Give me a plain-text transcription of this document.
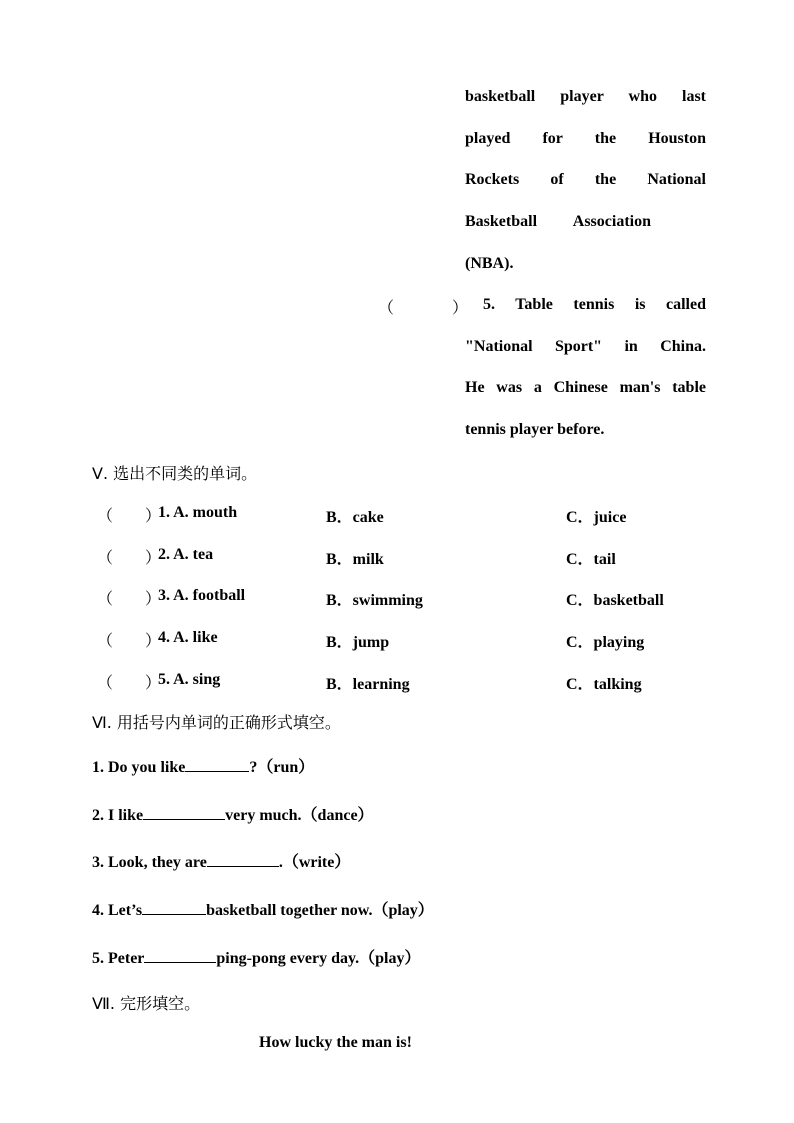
basketball player who last
played for the Houston
Rockets of the National
Basketball Association
(NBA).
（	） 5. Table tennis is called
"National Sport" in China.
He was a Chinese man's table
tennis player before.
Ⅴ. 选出不同类的单词。
（　　）
1. A. mouth	B．cake	C．juice
（　　）
2. A. tea	B．milk	C．tail
（　　）
3. A. football	B．swimming	C．basketball
（　　）
4. A. like	B．jump	C．playing
（　　）
5. A. sing	B．learning	C．talking
Ⅵ. 用括号内单词的正确形式填空。
1. Do you like	?（run）
2. I like	very much.（dance）
3. Look, they are	.（write）
4. Let’s	basketball together now.（play）
5. Peter	ping-pong every day.（play）
Ⅶ. 完形填空。
How lucky the man is!
